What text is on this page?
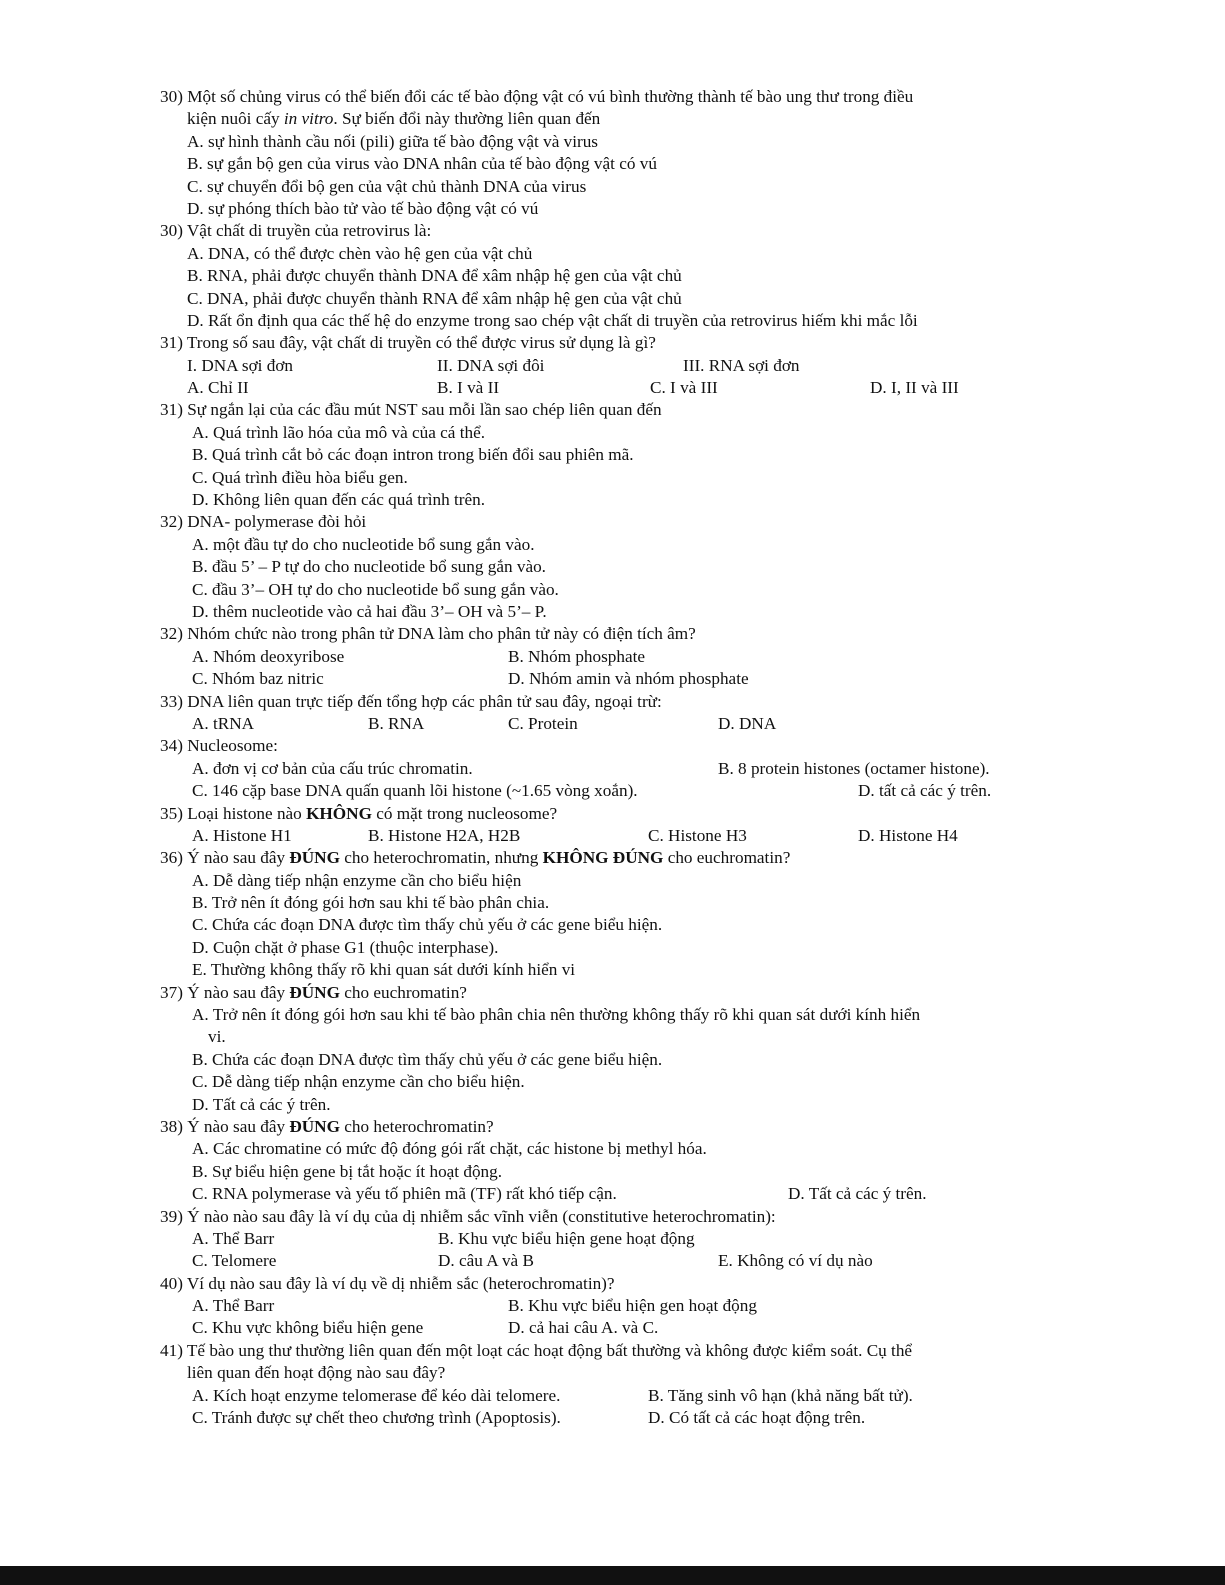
30) Một số chủng virus có thể biến đổi các tế bào động vật có vú bình thường thành tế bào ung thư trong điều
kiện nuôi cấy in vitro. Sự biến đổi này thường liên quan đến
A. sự hình thành cầu nối (pili) giữa tế bào động vật và virus
B. sự gắn bộ gen của virus vào DNA nhân của tế bào động vật có vú
C. sự chuyển đổi bộ gen của vật chủ thành DNA của virus
D. sự phóng thích bào tử vào tế bào động vật có vú
30) Vật chất di truyền của retrovirus là:
A. DNA, có thể được chèn vào hệ gen của vật chủ
B. RNA, phải được chuyển thành DNA để xâm nhập hệ gen của vật chủ
C. DNA, phải được chuyển thành RNA để xâm nhập hệ gen của vật chủ
D. Rất ổn định qua các thế hệ do enzyme trong sao chép vật chất di truyền của retrovirus hiếm khi mắc lỗi
31) Trong số sau đây, vật chất di truyền có thể được virus sử dụng là gì?
I. DNA sợi đơn	II. DNA sợi đôi	III. RNA sợi đơn
A. Chỉ II	B. I và II	C. I và III	D. I, II và III
31) Sự ngắn lại của các đầu mút NST sau mỗi lần sao chép liên quan đến
A. Quá trình lão hóa của mô và của cá thể.
B. Quá trình cắt bỏ các đoạn intron trong biến đổi sau phiên mã.
C. Quá trình điều hòa biểu gen.
D. Không liên quan đến các quá trình trên.
32) DNA- polymerase đòi hỏi
A. một đầu tự do cho nucleotide bổ sung gắn vào.
B. đầu 5’ – P tự do cho nucleotide bổ sung gắn vào.
C. đầu 3’– OH tự do cho nucleotide bổ sung gắn vào.
D. thêm nucleotide vào cả hai đầu 3’– OH và 5’– P.
32) Nhóm chức nào trong phân tử DNA làm cho phân tử này có điện tích âm?
A. Nhóm deoxyribose	B. Nhóm phosphate
C. Nhóm baz nitric	D. Nhóm amin và nhóm phosphate
33) DNA liên quan trực tiếp đến tổng hợp các phân tử sau đây, ngoại trừ:
A. tRNA	B. RNA	C. Protein	D. DNA
34) Nucleosome:
A. đơn vị cơ bản của cấu trúc chromatin.	B. 8 protein histones (octamer histone).
C. 146 cặp base DNA quấn quanh lõi histone (~1.65 vòng xoắn).	D. tất cả các ý trên.
35) Loại histone nào KHÔNG có mặt trong nucleosome?
A. Histone H1	B. Histone H2A, H2B	C. Histone H3	D. Histone H4
36) Ý nào sau đây ĐÚNG cho heterochromatin, nhưng KHÔNG ĐÚNG cho euchromatin?
A. Dễ dàng tiếp nhận enzyme cần cho biểu hiện
B. Trở nên ít đóng gói hơn sau khi tế bào phân chia.
C. Chứa các đoạn DNA được tìm thấy chủ yếu ở các gene biểu hiện.
D. Cuộn chặt ở phase G1 (thuộc interphase).
E. Thường không thấy rõ khi quan sát dưới kính hiển vi
37) Ý nào sau đây ĐÚNG cho euchromatin?
A. Trở nên ít đóng gói hơn sau khi tế bào phân chia nên thường không thấy rõ khi quan sát dưới kính hiển
vi.
B. Chứa các đoạn DNA được tìm thấy chủ yếu ở các gene biểu hiện.
C. Dễ dàng tiếp nhận enzyme cần cho biểu hiện.
D. Tất cả các ý trên.
38) Ý nào sau đây ĐÚNG cho heterochromatin?
A. Các chromatine có mức độ đóng gói rất chặt, các histone bị methyl hóa.
B. Sự biểu hiện gene bị tắt hoặc ít hoạt động.
C. RNA polymerase và yếu tố phiên mã (TF) rất khó tiếp cận.	D. Tất cả các ý trên.
39) Ý nào nào sau đây là ví dụ của dị nhiễm sắc vĩnh viễn (constitutive heterochromatin):
A. Thể Barr	B. Khu vực biểu hiện gene hoạt động
C. Telomere	D. câu A và B	E. Không có ví dụ nào
40) Ví dụ nào sau đây là ví dụ về dị nhiễm sắc (heterochromatin)?
A. Thể Barr	B. Khu vực biểu hiện gen hoạt động
C. Khu vực không biểu hiện gene	D. cả hai câu A. và C.
41) Tế bào ung thư thường liên quan đến một loạt các hoạt động bất thường và không được kiểm soát. Cụ thể
liên quan đến hoạt động nào sau đây?
A. Kích hoạt enzyme telomerase để kéo dài telomere.	B. Tăng sinh vô hạn (khả năng bất tử).
C. Tránh được sự chết theo chương trình (Apoptosis).	D. Có tất cả các hoạt động trên.
